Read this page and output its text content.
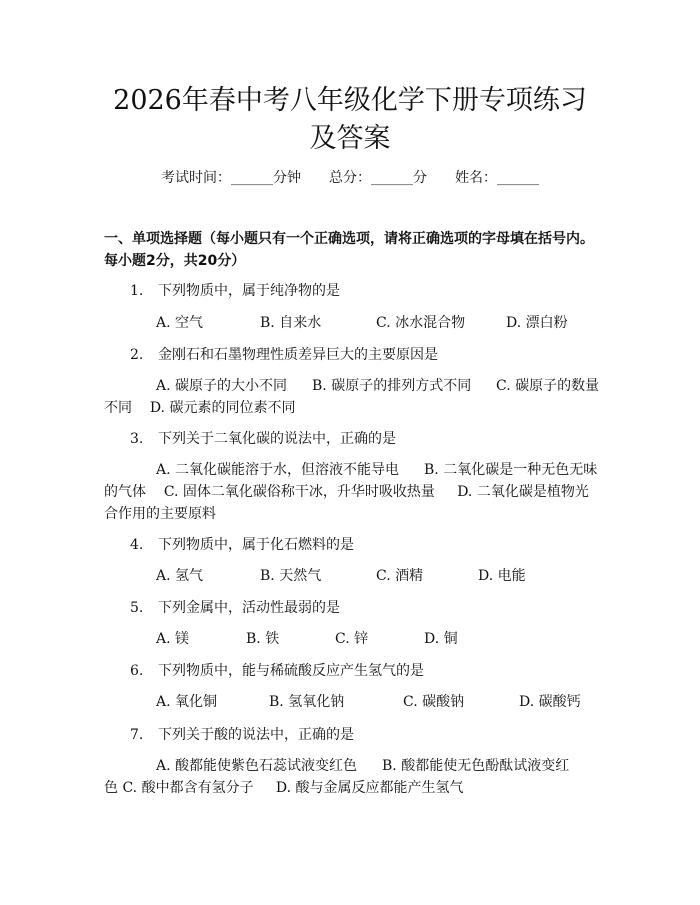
2026年春中考八年级化学下册专项练习及答案
考试时间：______分钟 总分：______分 姓名：______
一、单项选择题（每小题只有一个正确选项，请将正确选项的字母填在括号内。每小题2分，共20分）
1. 下列物质中，属于纯净物的是
A. 空气	B. 自来水	C. 冰水混合物	D. 漂白粉
2. 金刚石和石墨物理性质差异巨大的主要原因是
A. 碳原子的大小不同 B. 碳原子的排列方式不同 C. 碳原子的数量不同 D. 碳元素的同位素不同
3. 下列关于二氧化碳的说法中，正确的是
A. 二氧化碳能溶于水，但溶液不能导电 B. 二氧化碳是一种无色无味的气体 C. 固体二氧化碳俗称干冰，升华时吸收热量 D. 二氧化碳是植物光合作用的主要原料
4. 下列物质中，属于化石燃料的是
A. 氢气	B. 天然气	C. 酒精	D. 电能
5. 下列金属中，活动性最弱的是
A. 镁	B. 铁	C. 锌	D. 铜
6. 下列物质中，能与稀硫酸反应产生氢气的是
A. 氧化铜	B. 氢氧化钠	C. 碳酸钠	D. 碳酸钙
7. 下列关于酸的说法中，正确的是
A. 酸都能使紫色石蕊试液变红色 B. 酸都能使无色酚酞试液变红色 C. 酸中都含有氢分子 D. 酸与金属反应都能产生氢气
